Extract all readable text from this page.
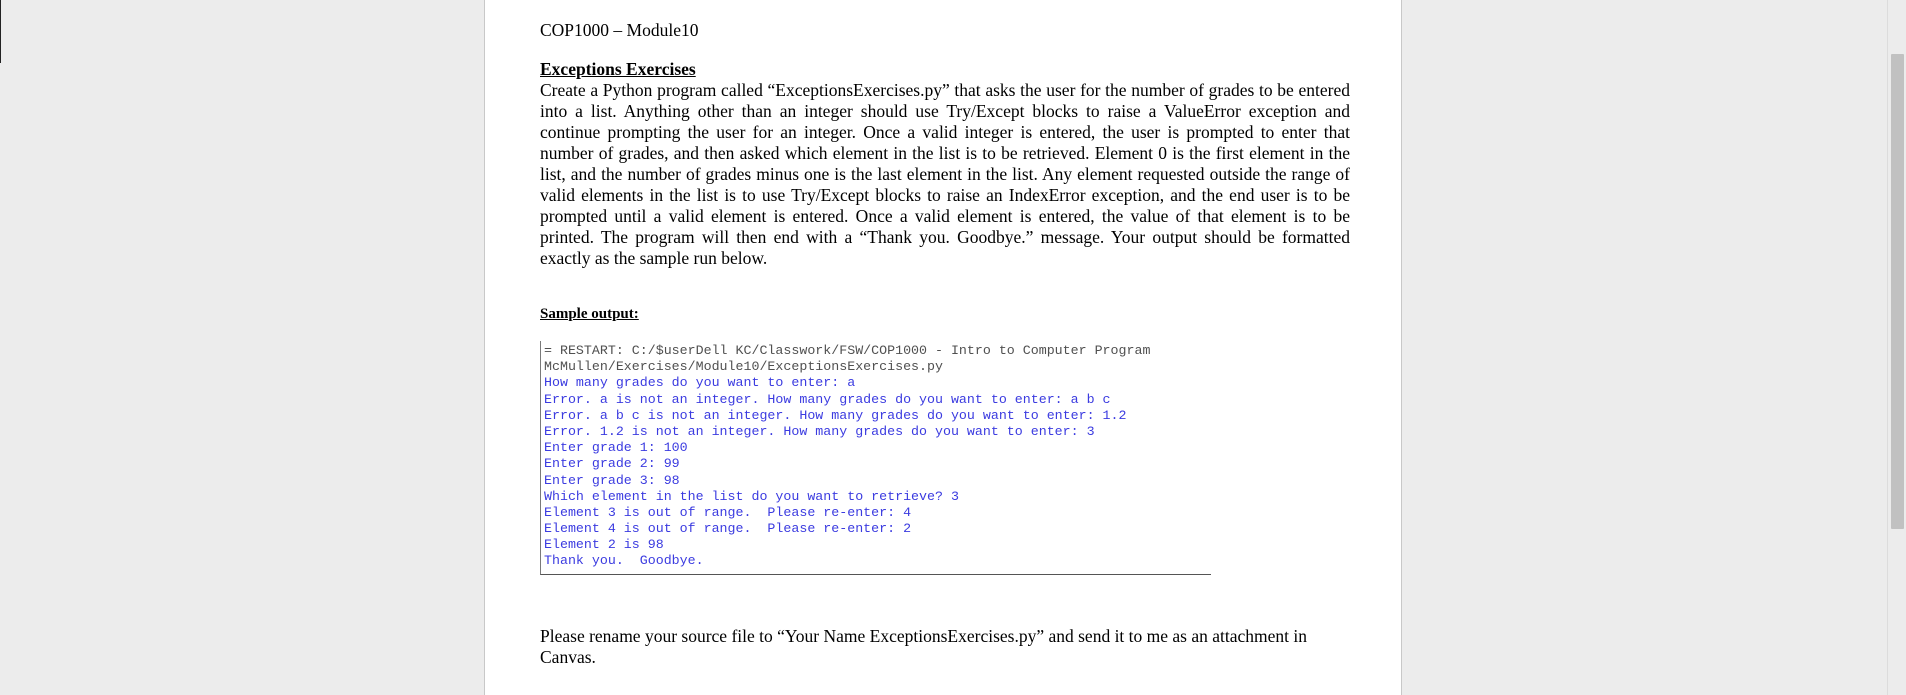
COP1000 – Module10
Exceptions Exercises
Create a Python program called “ExceptionsExercises.py” that asks the user for the number of grades to be entered into a list. Anything other than an integer should use Try/Except blocks to raise a ValueError exception and continue prompting the user for an integer. Once a valid integer is entered, the user is prompted to enter that number of grades, and then asked which element in the list is to be retrieved. Element 0 is the first element in the list, and the number of grades minus one is the last element in the list. Any element requested outside the range of valid elements in the list is to use Try/Except blocks to raise an IndexError exception, and the end user is to be prompted until a valid element is entered. Once a valid element is entered, the value of that element is to be printed. The program will then end with a “Thank you. Goodbye.” message. Your output should be formatted exactly as the sample run below.
Sample output:
= RESTART: C:/$userDell KC/Classwork/FSW/COP1000 - Intro to Computer Program
McMullen/Exercises/Module10/ExceptionsExercises.py
How many grades do you want to enter: a
Error. a is not an integer. How many grades do you want to enter: a b c
Error. a b c is not an integer. How many grades do you want to enter: 1.2
Error. 1.2 is not an integer. How many grades do you want to enter: 3
Enter grade 1: 100
Enter grade 2: 99
Enter grade 3: 98
Which element in the list do you want to retrieve? 3
Element 3 is out of range.  Please re-enter: 4
Element 4 is out of range.  Please re-enter: 2
Element 2 is 98
Thank you.  Goodbye.
Please rename your source file to “Your Name ExceptionsExercises.py” and send it to me as an attachment in Canvas.
